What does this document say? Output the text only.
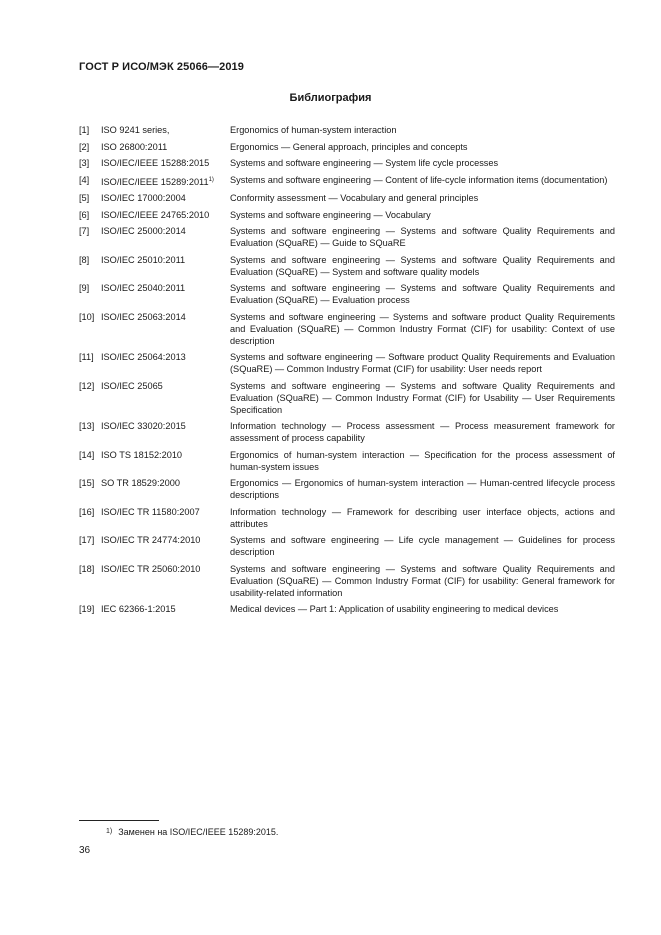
ГОСТ Р ИСО/МЭК 25066—2019
Библиография
[1]	ISO 9241 series,	Ergonomics of human-system interaction
[2]	ISO 26800:2011	Ergonomics — General approach, principles and concepts
[3]	ISO/IEC/IEEE 15288:2015	Systems and software engineering — System life cycle processes
[4]	ISO/IEC/IEEE 15289:2011$^{1)}$	Systems and software engineering — Content of life-cycle information items (documentation)
[5]	ISO/IEC 17000:2004	Conformity assessment — Vocabulary and general principles
[6]	ISO/IEC/IEEE 24765:2010	Systems and software engineering — Vocabulary
[7]	ISO/IEC 25000:2014	Systems and software engineering — Systems and software Quality Requirements and Evaluation (SQuaRE) — Guide to SQuaRE
[8]	ISO/IEC 25010:2011	Systems and software engineering — Systems and software Quality Requirements and Evaluation (SQuaRE) — System and software quality models
[9]	ISO/IEC 25040:2011	Systems and software engineering — Systems and software Quality Requirements and Evaluation (SQuaRE) — Evaluation process
[10] ISO/IEC 25063:2014	Systems and software engineering — Systems and software product Quality Requirements and Evaluation (SQuaRE) — Common Industry Format (CIF) for usability: Context of use description
[11] ISO/IEC 25064:2013	Systems and software engineering — Software product Quality Requirements and Evaluation (SQuaRE) — Common Industry Format (CIF) for usability: User needs report
[12] ISO/IEC 25065	Systems and software engineering — Systems and software Quality Requirements and Evaluation (SQuaRE) — Common Industry Format (CIF) for Usability — User Requirements Specification
[13] ISO/IEC 33020:2015	Information technology — Process assessment — Process measurement framework for assessment of process capability
[14] ISO TS 18152:2010	Ergonomics of human-system interaction — Specification for the process assessment of human-system issues
[15] SO TR 18529:2000	Ergonomics — Ergonomics of human-system interaction — Human-centred lifecycle process descriptions
[16] ISO/IEC TR 11580:2007	Information technology — Framework for describing user interface objects, actions and attributes
[17] ISO/IEC TR 24774:2010	Systems and software engineering — Life cycle management — Guidelines for process description
[18] ISO/IEC TR 25060:2010	Systems and software engineering — Systems and software Quality Requirements and Evaluation (SQuaRE) — Common Industry Format (CIF) for usability: General framework for usability-related information
[19] IEC 62366-1:2015	Medical devices — Part 1: Application of usability engineering to medical devices
$^{1)}$ Заменен на ISO/IEC/IEEE 15289:2015.
36
